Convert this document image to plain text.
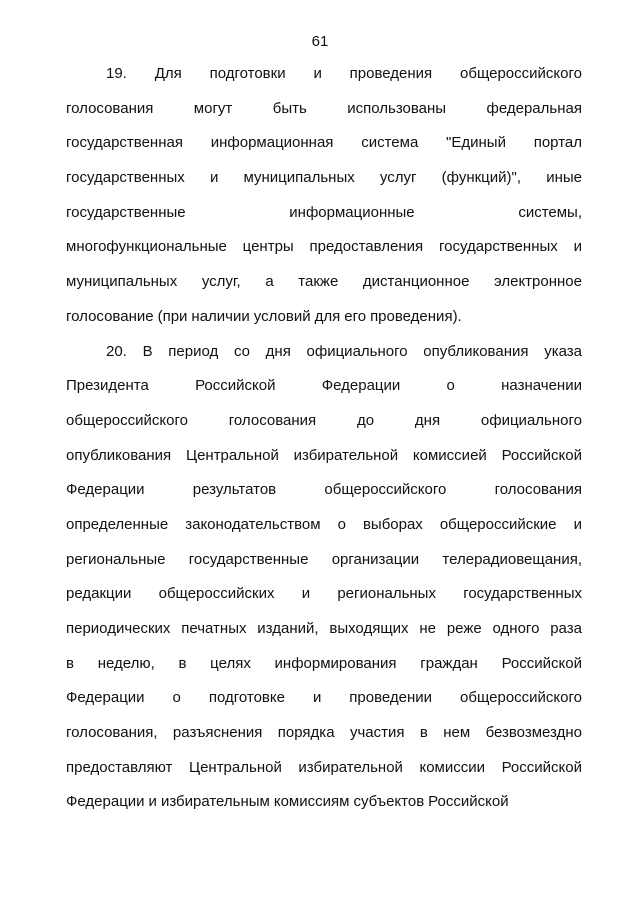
61
19. Для подготовки и проведения общероссийского
голосования	могут	быть	использованы	федеральная
государственная информационная система "Единый портал
государственных и муниципальных услуг (функций)", иные
государственные	информационные	системы,
многофункциональные центры предоставления государственных и
муниципальных услуг, а также дистанционное электронное
голосование (при наличии условий для его проведения).
20. В период со дня официального опубликования указа
Президента	Российской	Федерации	о	назначении
общероссийского	голосования	до	дня	официального
опубликования Центральной избирательной комиссией Российской
Федерации	результатов	общероссийского	голосования
определенные законодательством о выборах общероссийские и
региональные государственные организации телерадиовещания,
редакции общероссийских и региональных государственных
периодических печатных изданий, выходящих не реже одного раза
в неделю, в целях информирования граждан Российской
Федерации о подготовке и проведении общероссийского
голосования, разъяснения порядка участия в нем безвозмездно
предоставляют Центральной избирательной комиссии Российской
Федерации и избирательным комиссиям субъектов Российской
